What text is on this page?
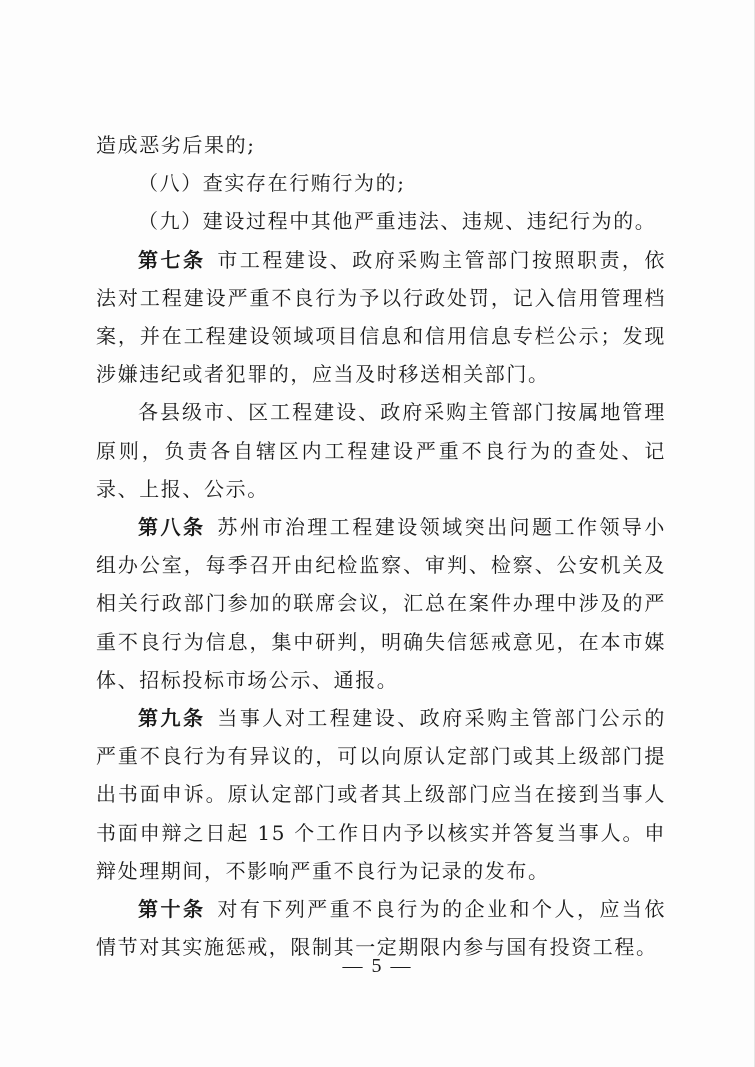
造成恶劣后果的;

（八）查实存在行贿行为的;

（九）建设过程中其他严重违法、违规、违纪行为的。

第七条 市工程建设、政府采购主管部门按照职责，依法对工程建设严重不良行为予以行政处罚，记入信用管理档案，并在工程建设领域项目信息和信用信息专栏公示；发现涉嫌违纪或者犯罪的，应当及时移送相关部门。

各县级市、区工程建设、政府采购主管部门按属地管理原则，负责各自辖区内工程建设严重不良行为的查处、记录、上报、公示。

第八条 苏州市治理工程建设领域突出问题工作领导小组办公室，每季召开由纪检监察、审判、检察、公安机关及相关行政部门参加的联席会议，汇总在案件办理中涉及的严重不良行为信息，集中研判，明确失信惩戒意见，在本市媒体、招标投标市场公示、通报。

第九条 当事人对工程建设、政府采购主管部门公示的严重不良行为有异议的，可以向原认定部门或其上级部门提出书面申诉。原认定部门或者其上级部门应当在接到当事人书面申辩之日起 15 个工作日内予以核实并答复当事人。申辩处理期间，不影响严重不良行为记录的发布。

第十条 对有下列严重不良行为的企业和个人，应当依情节对其实施惩戒，限制其一定期限内参与国有投资工程。

— 5 —
